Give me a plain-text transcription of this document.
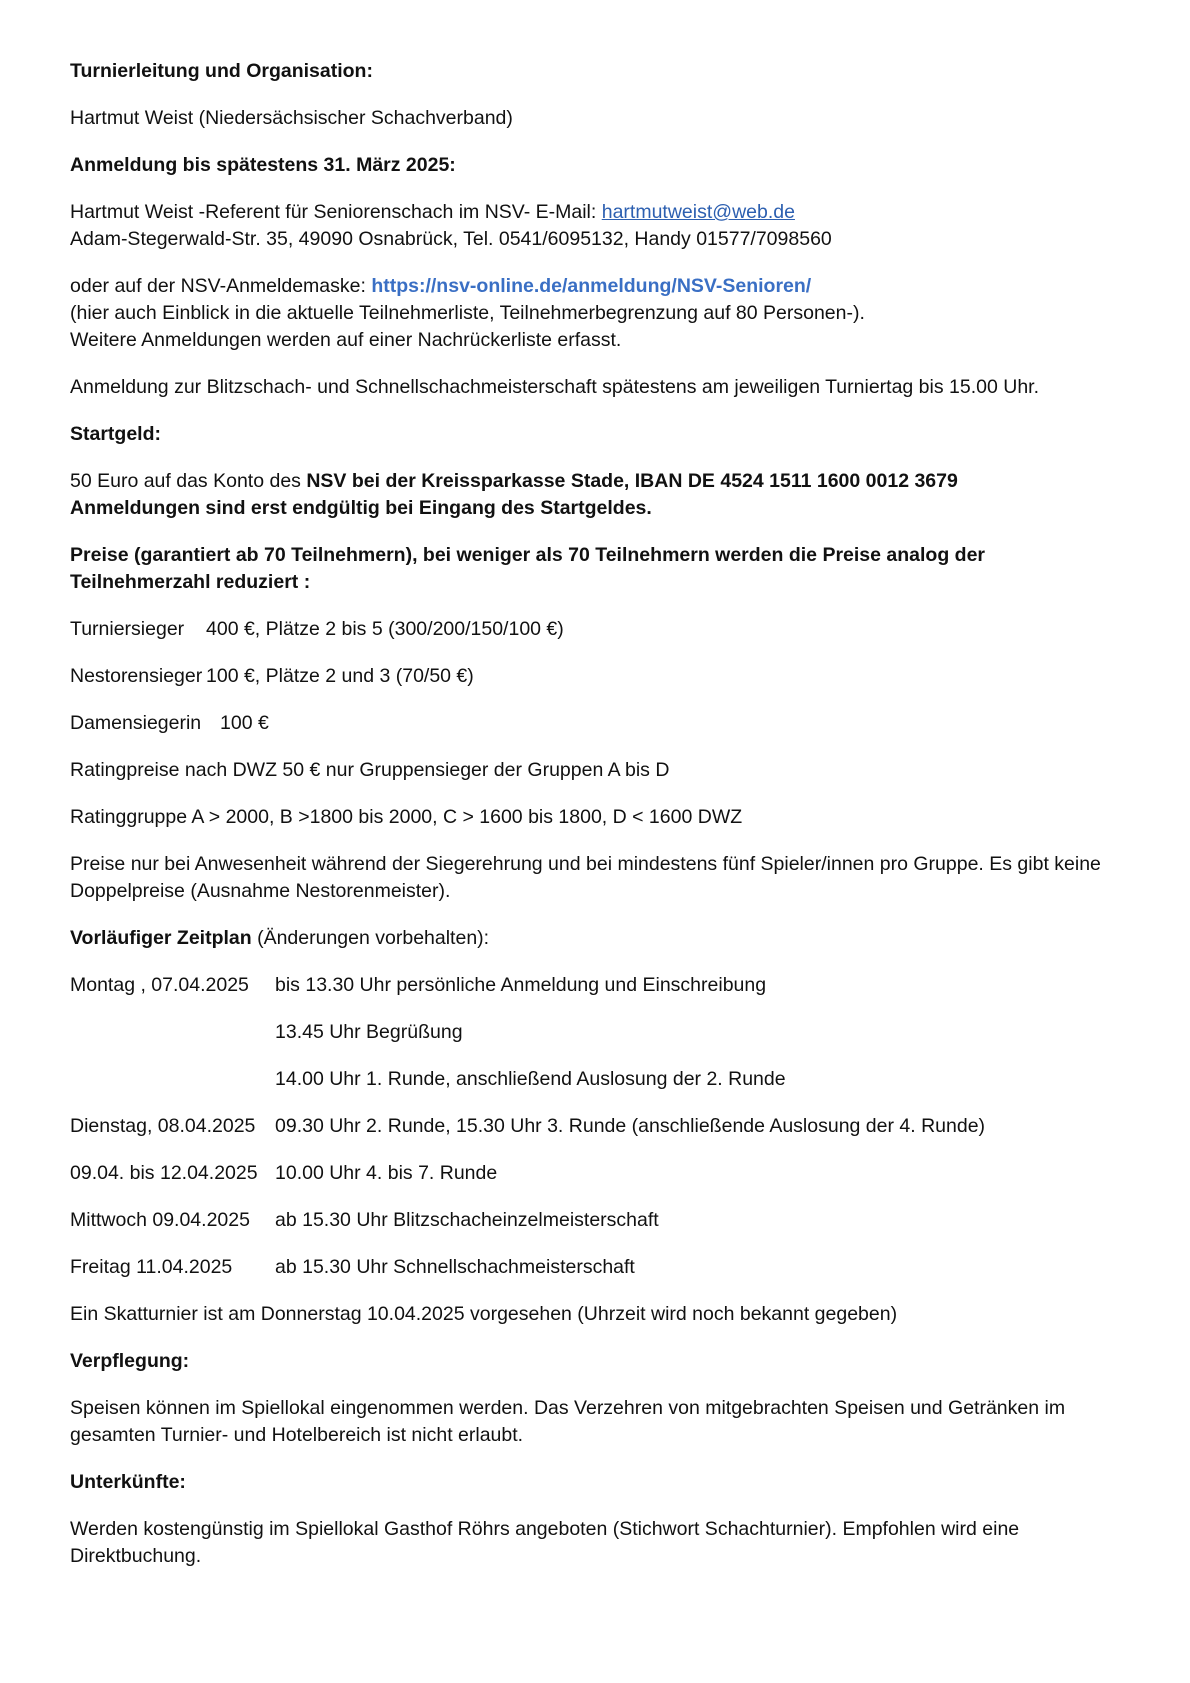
Turnierleitung und Organisation:

Hartmut Weist (Niedersächsischer Schachverband)

Anmeldung bis spätestens 31. März 2025:

Hartmut Weist -Referent für Seniorenschach im NSV- E-Mail: hartmutweist@web.de
Adam-Stegerwald-Str. 35, 49090 Osnabrück, Tel. 0541/6095132, Handy 01577/7098560

oder auf der NSV-Anmeldemaske: https://nsv-online.de/anmeldung/NSV-Senioren/
(hier auch Einblick in die aktuelle Teilnehmerliste, Teilnehmerbegrenzung auf 80 Personen-).
Weitere Anmeldungen werden auf einer Nachrückerliste erfasst.

Anmeldung zur Blitzschach- und Schnellschachmeisterschaft spätestens am jeweiligen Turniertag bis 15.00 Uhr.

Startgeld:

50 Euro auf das Konto des NSV bei der Kreissparkasse Stade, IBAN DE 4524 1511 1600 0012 3679
Anmeldungen sind erst endgültig bei Eingang des Startgeldes.

Preise (garantiert ab 70 Teilnehmern), bei weniger als 70 Teilnehmern werden die Preise analog der Teilnehmerzahl reduziert :

Turniersieger	400 €, Plätze 2 bis 5 (300/200/150/100 €)
Nestorensieger 100 €, Plätze 2 und 3 (70/50 €)
Damensiegerin 100 €

Ratingpreise nach DWZ 50 € nur Gruppensieger der Gruppen A bis D

Ratinggruppe A > 2000, B >1800 bis 2000, C > 1600 bis 1800, D < 1600 DWZ

Preise nur bei Anwesenheit während der Siegerehrung und bei mindestens fünf Spieler/innen pro Gruppe. Es gibt keine Doppelpreise (Ausnahme Nestorenmeister).

Vorläufiger Zeitplan (Änderungen vorbehalten):

Montag , 07.04.2025	bis 13.30 Uhr persönliche Anmeldung und Einschreibung
13.45 Uhr Begrüßung
14.00 Uhr 1. Runde, anschließend Auslosung der 2. Runde
Dienstag, 08.04.2025	09.30 Uhr 2. Runde, 15.30 Uhr 3. Runde (anschließende Auslosung der 4. Runde)
09.04. bis 12.04.2025 10.00 Uhr 4. bis 7. Runde
Mittwoch 09.04.2025	ab 15.30 Uhr Blitzschacheinzelmeisterschaft
Freitag 11.04.2025	ab 15.30 Uhr Schnellschachmeisterschaft

Ein Skatturnier ist am Donnerstag 10.04.2025 vorgesehen (Uhrzeit wird noch bekannt gegeben)

Verpflegung:

Speisen können im Spiellokal eingenommen werden. Das Verzehren von mitgebrachten Speisen und Getränken im gesamten Turnier- und Hotelbereich ist nicht erlaubt.

Unterkünfte:

Werden kostengünstig im Spiellokal Gasthof Röhrs angeboten (Stichwort Schachturnier). Empfohlen wird eine Direktbuchung.
